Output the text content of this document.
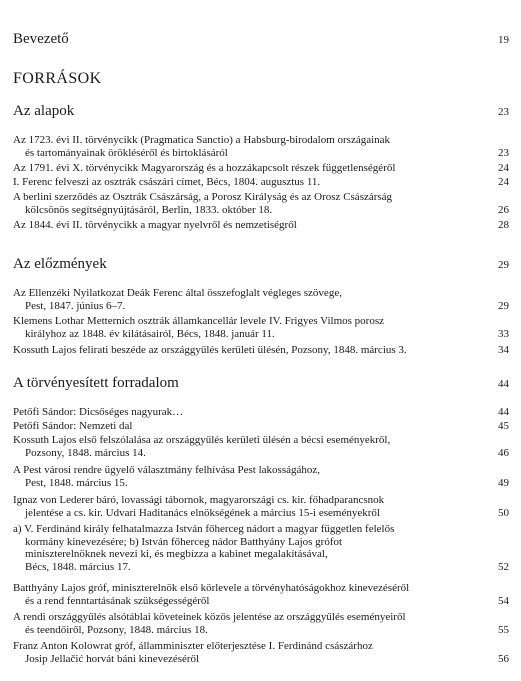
Bevezető	19
FORRÁSOK
Az alapok	23
Az 1723. évi II. törvénycikk (Pragmatica Sanctio) a Habsburg-birodalom országainak
és tartományainak örökléséről és birtoklásáról	23
Az 1791. évi X. törvénycikk Magyarország és a hozzákapcsolt részek függetlenségéről	24
I. Ferenc felveszi az osztrák császári címet, Bécs, 1804. augusztus 11.	24
A berlini szerződés az Osztrák Császárság, a Porosz Királyság és az Orosz Császárság
kölcsönös segítségnyújtásáról, Berlin, 1833. október 18.	26
Az 1844. évi II. törvénycikk a magyar nyelvről és nemzetiségről	28
Az előzmények	29
Az Ellenzéki Nyilatkozat Deák Ferenc által összefoglalt végleges szövege,
Pest, 1847. június 6–7.	29
Klemens Lothar Metternich osztrák államkancellár levele IV. Frigyes Vilmos porosz
királyhoz az 1848. év kilátásairól, Bécs, 1848. január 11.	33
Kossuth Lajos felirati beszéde az országgyűlés kerületi ülésén, Pozsony, 1848. március 3.	34
A törvényesített forradalom	44
Petőfi Sándor: Dicsőséges nagyurak…	44
Petőfi Sándor: Nemzeti dal	45
Kossuth Lajos első felszólalása az országgyűlés kerületi ülésén a bécsi eseményekről,
Pozsony, 1848. március 14.	46
A Pest városi rendre ügyelő választmány felhívása Pest lakosságához,
Pest, 1848. március 15.	49
Ignaz von Lederer báró, lovassági tábornok, magyarországi cs. kir. főhadparancsnok
jelentése a cs. kir. Udvari Haditanács elnökségének a március 15-i eseményekről	50
a) V. Ferdinánd király felhatalmazza István főherceg nádort a magyar független felelős
kormány kinevezésére; b) István főherceg nádor Batthyány Lajos grófot
miniszterelnöknek nevezi ki, és megbízza a kabinet megalakításával,
Bécs, 1848. március 17.	52
Batthyány Lajos gróf, miniszterelnök első körlevele a törvényhatóságokhoz kinevezéséről
és a rend fenntartásának szükségességéről	54
A rendi országgyűlés alsótáblai követeinek közös jelentése az országgyűlés eseményeiről
és teendőiről, Pozsony, 1848. március 18.	55
Franz Anton Kolowrat gróf, államminiszter előterjesztése I. Ferdinánd császárhoz
Josip Jellačić horvát báni kinevezéséről	56
